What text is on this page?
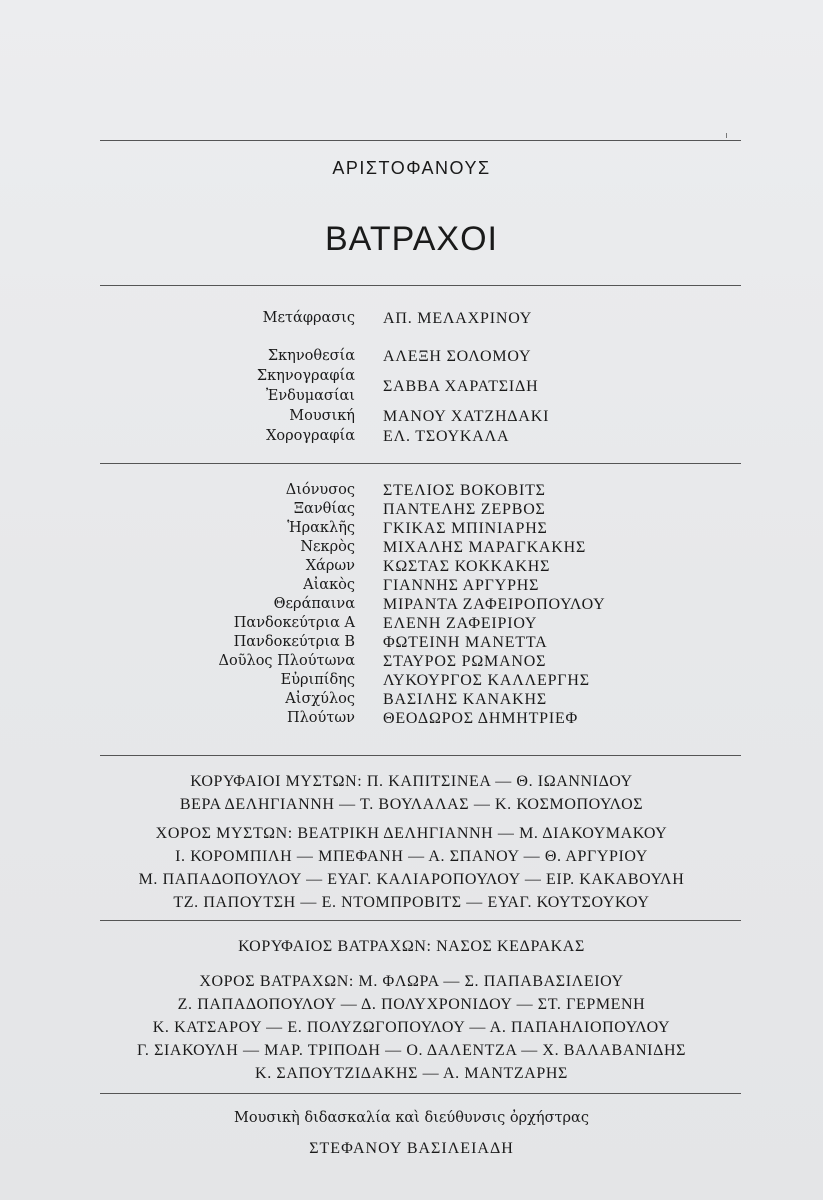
ΑΡΙΣΤΟΦΑΝΟΥΣ
ΒΑΤΡΑΧΟΙ
Μετάφρασις ΑΠ. ΜΕΛΑΧΡΙΝΟΥ
Σκηνοθεσία ΑΛΕΞΗ ΣΟΛΟΜΟΥ
Σκηνογραφία
ΣΑΒΒΑ ΧΑΡΑΤΣΙΔΗ
Ἐνδυμασίαι
Μουσική ΜΑΝΟΥ ΧΑΤΖΗΔΑΚΙ
Χορογραφία ΕΛ. ΤΣΟΥΚΑΛΑ
Διόνυσος ΣΤΕΛΙΟΣ ΒΟΚΟΒΙΤΣ
Ξανθίας ΠΑΝΤΕΛΗΣ ΖΕΡΒΟΣ
Ἡρακλῆς ΓΚΙΚΑΣ ΜΠΙΝΙΑΡΗΣ
Νεκρὸς ΜΙΧΑΛΗΣ ΜΑΡΑΓΚΑΚΗΣ
Χάρων ΚΩΣΤΑΣ ΚΟΚΚΑΚΗΣ
Αἰακὸς ΓΙΑΝΝΗΣ ΑΡΓΥΡΗΣ
Θεράπαινα ΜΙΡΑΝΤΑ ΖΑΦΕΙΡΟΠΟΥΛΟΥ
Πανδοκεύτρια Α ΕΛΕΝΗ ΖΑΦΕΙΡΙΟΥ
Πανδοκεύτρια Β ΦΩΤΕΙΝΗ ΜΑΝΕΤΤΑ
Δοῦλος Πλούτωνα ΣΤΑΥΡΟΣ ΡΩΜΑΝΟΣ
Εὐριπίδης ΛΥΚΟΥΡΓΟΣ ΚΑΛΛΕΡΓΗΣ
Αἰσχύλος ΒΑΣΙΛΗΣ ΚΑΝΑΚΗΣ
Πλούτων ΘΕΟΔΩΡΟΣ ΔΗΜΗΤΡΙΕΦ
ΚΟΡΥΦΑΙΟΙ ΜΥΣΤΩΝ: Π. ΚΑΠΙΤΣΙΝΕΑ — Θ. ΙΩΑΝΝΙΔΟΥ
ΒΕΡΑ ΔΕΛΗΓΙΑΝΝΗ — Τ. ΒΟΥΛΑΛΑΣ — Κ. ΚΟΣΜΟΠΟΥΛΟΣ
ΧΟΡΟΣ ΜΥΣΤΩΝ: ΒΕΑΤΡΙΚΗ ΔΕΛΗΓΙΑΝΝΗ — Μ. ΔΙΑΚΟΥΜΑΚΟΥ
Ι. ΚΟΡΟΜΠΙΛΗ — ΜΠΕΦΑΝΗ — Α. ΣΠΑΝΟΥ — Θ. ΑΡΓΥΡΙΟΥ
Μ. ΠΑΠΑΔΟΠΟΥΛΟΥ — ΕΥΑΓ. ΚΑΛΙΑΡΟΠΟΥΛΟΥ — ΕΙΡ. ΚΑΚΑΒΟΥΛΗ
ΤΖ. ΠΑΠΟΥΤΣΗ — Ε. ΝΤΟΜΠΡΟΒΙΤΣ — ΕΥΑΓ. ΚΟΥΤΣΟΥΚΟΥ
ΚΟΡΥΦΑΙΟΣ ΒΑΤΡΑΧΩΝ: ΝΑΣΟΣ ΚΕΔΡΑΚΑΣ
ΧΟΡΟΣ ΒΑΤΡΑΧΩΝ: Μ. ΦΛΩΡΑ — Σ. ΠΑΠΑΒΑΣΙΛΕΙΟΥ
Ζ. ΠΑΠΑΔΟΠΟΥΛΟΥ — Δ. ΠΟΛΥΧΡΟΝΙΔΟΥ — ΣΤ. ΓΕΡΜΕΝΗ
Κ. ΚΑΤΣΑΡΟΥ — Ε. ΠΟΛΥΖΩΓΟΠΟΥΛΟΥ — Α. ΠΑΠΑΗΛΙΟΠΟΥΛΟΥ
Γ. ΣΙΑΚΟΥΛΗ — ΜΑΡ. ΤΡΙΠΟΔΗ — Ο. ΔΑΛΕΝΤΖΑ — Χ. ΒΑΛΑΒΑΝΙΔΗΣ
Κ. ΣΑΠΟΥΤΖΙΔΑΚΗΣ — Α. ΜΑΝΤΖΑΡΗΣ
Μουσικὴ διδασκαλία καὶ διεύθυνσις ὀρχήστρας
ΣΤΕΦΑΝΟΥ ΒΑΣΙΛΕΙΑΔΗ
